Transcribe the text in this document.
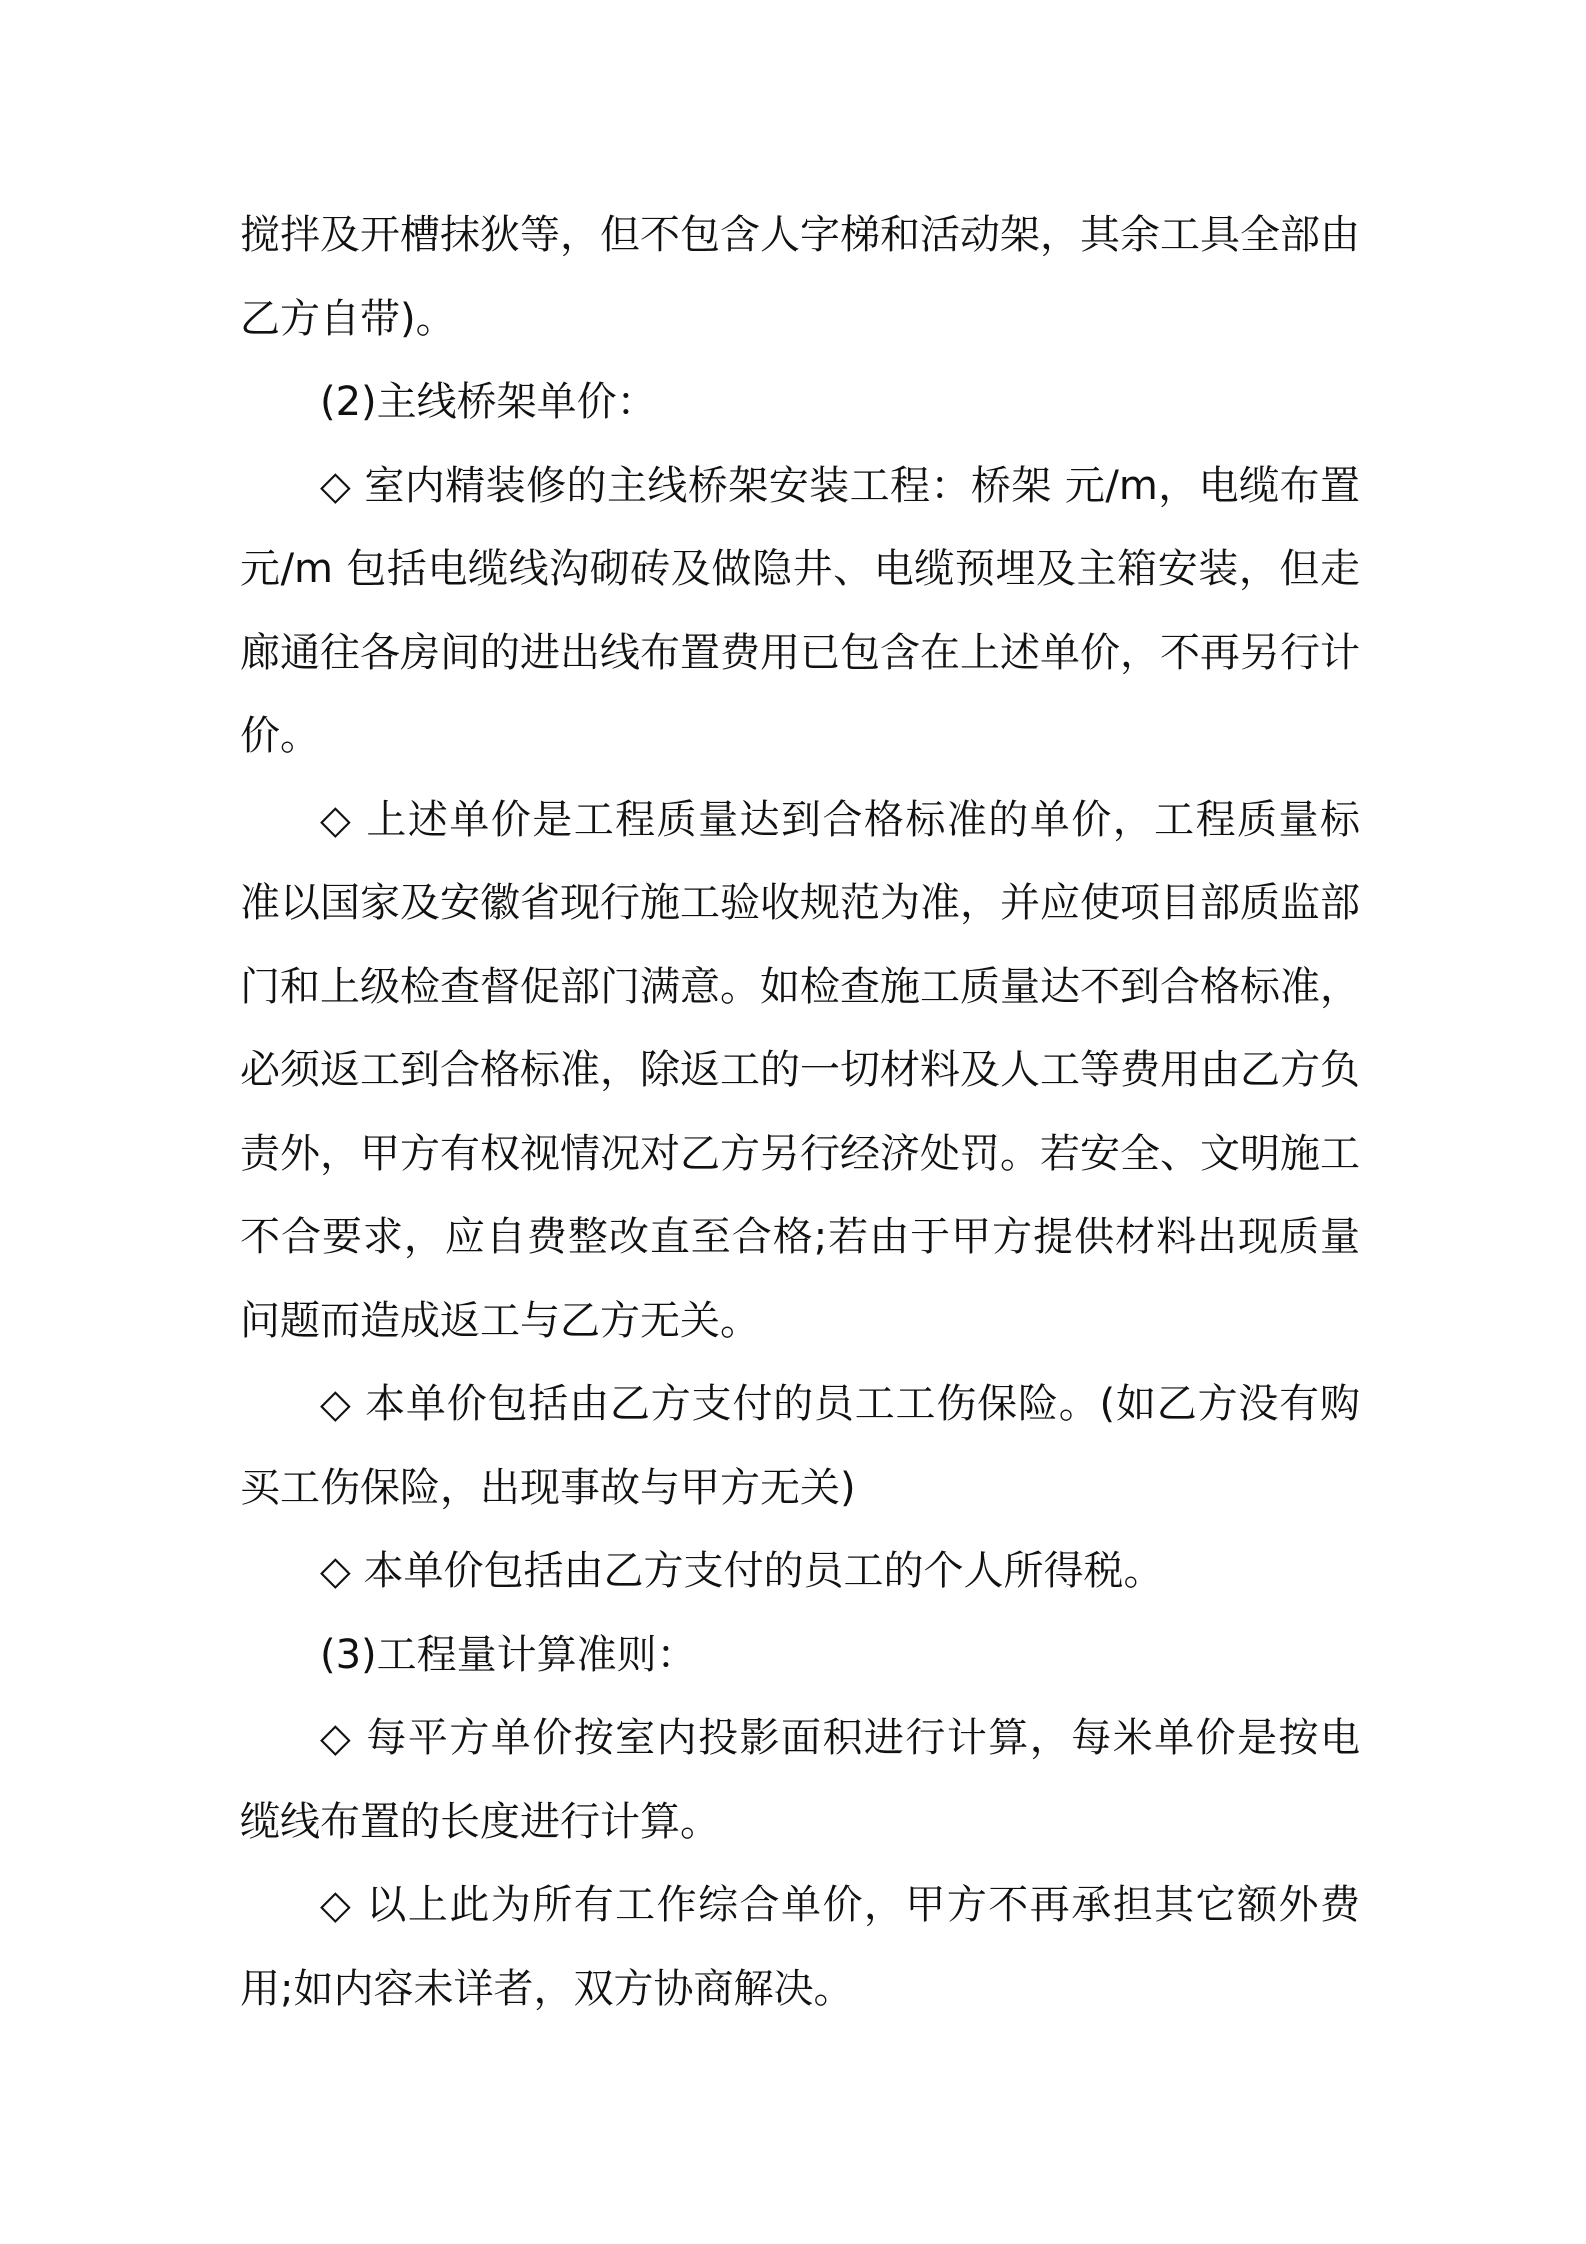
搅拌及开槽抹狄等，但不包含人字梯和活动架，其余工具全部由乙方自带)。

(2)主线桥架单价：

◇ 室内精装修的主线桥架安装工程：桥架 元/m，电缆布置 元/m 包括电缆线沟砌砖及做隐井、电缆预埋及主箱安装，但走廊通往各房间的进出线布置费用已包含在上述单价，不再另行计价。

◇ 上述单价是工程质量达到合格标准的单价，工程质量标准以国家及安徽省现行施工验收规范为准，并应使项目部质监部门和上级检查督促部门满意。如检查施工质量达不到合格标准，必须返工到合格标准，除返工的一切材料及人工等费用由乙方负责外，甲方有权视情况对乙方另行经济处罚。若安全、文明施工不合要求，应自费整改直至合格;若由于甲方提供材料出现质量问题而造成返工与乙方无关。

◇ 本单价包括由乙方支付的员工工伤保险。(如乙方没有购买工伤保险，出现事故与甲方无关)

◇ 本单价包括由乙方支付的员工的个人所得税。

(3)工程量计算准则：

◇ 每平方单价按室内投影面积进行计算，每米单价是按电缆线布置的长度进行计算。

◇ 以上此为所有工作综合单价，甲方不再承担其它额外费用;如内容未详者，双方协商解决。
